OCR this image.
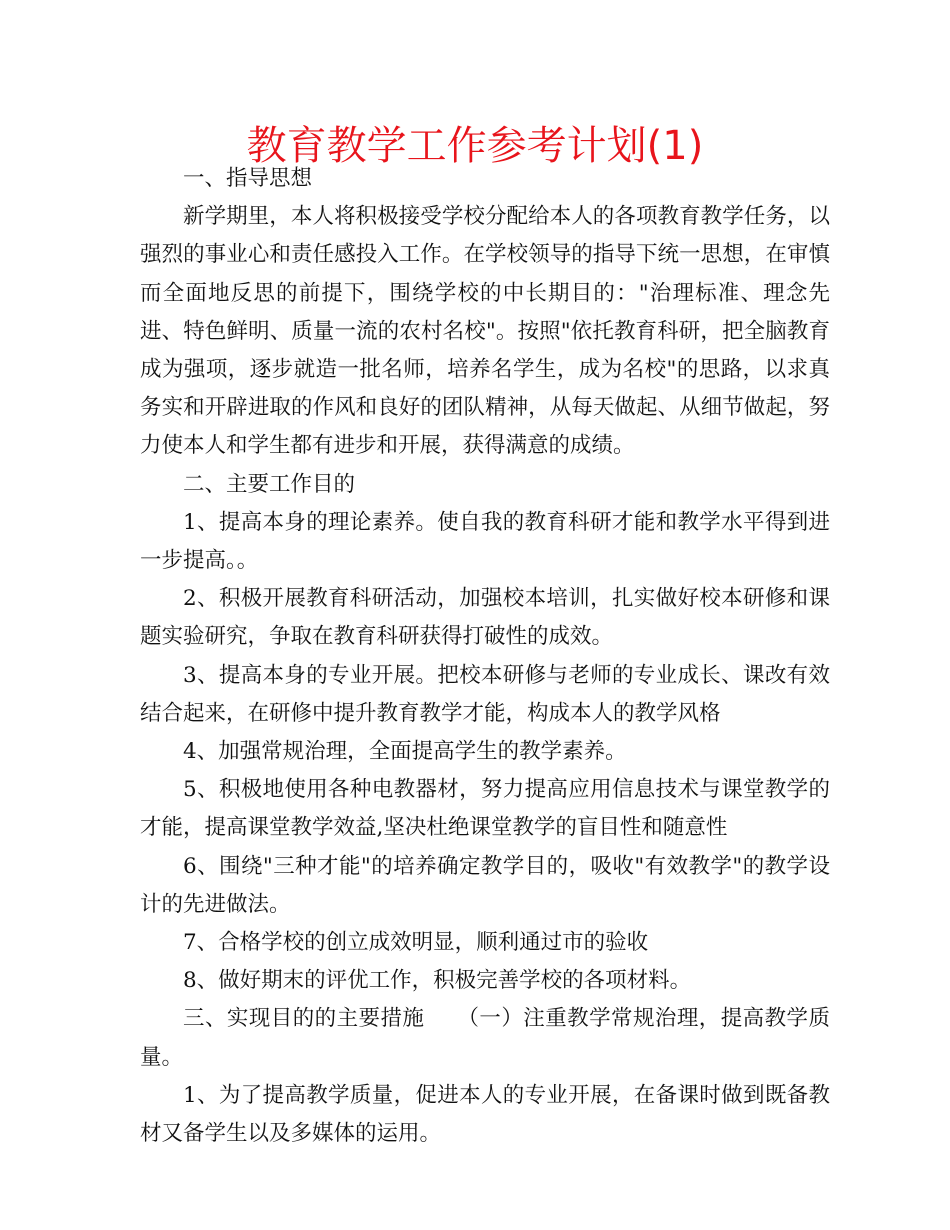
教育教学工作参考计划(1)

一、指导思想

新学期里，本人将积极接受学校分配给本人的各项教育教学任务，以强烈的事业心和责任感投入工作。在学校领导的指导下统一思想，在审慎而全面地反思的前提下，围绕学校的中长期目的："治理标准、理念先进、特色鲜明、质量一流的农村名校"。按照"依托教育科研，把全脑教育成为强项，逐步就造一批名师，培养名学生，成为名校"的思路，以求真务实和开辟进取的作风和良好的团队精神，从每天做起、从细节做起，努力使本人和学生都有进步和开展，获得满意的成绩。

二、主要工作目的

1、提高本身的理论素养。使自我的教育科研才能和教学水平得到进一步提高。。

2、积极开展教育科研活动，加强校本培训，扎实做好校本研修和课题实验研究，争取在教育科研获得打破性的成效。

3、提高本身的专业开展。把校本研修与老师的专业成长、课改有效结合起来，在研修中提升教育教学才能，构成本人的教学风格

4、加强常规治理，全面提高学生的教学素养。

5、积极地使用各种电教器材，努力提高应用信息技术与课堂教学的才能，提高课堂教学效益,坚决杜绝课堂教学的盲目性和随意性

6、围绕"三种才能"的培养确定教学目的，吸收"有效教学"的教学设计的先进做法。

7、合格学校的创立成效明显，顺利通过市的验收

8、做好期末的评优工作，积极完善学校的各项材料。

三、实现目的的主要措施　　（一）注重教学常规治理，提高教学质量。

1、为了提高教学质量，促进本人的专业开展，在备课时做到既备教材又备学生以及多媒体的运用。
